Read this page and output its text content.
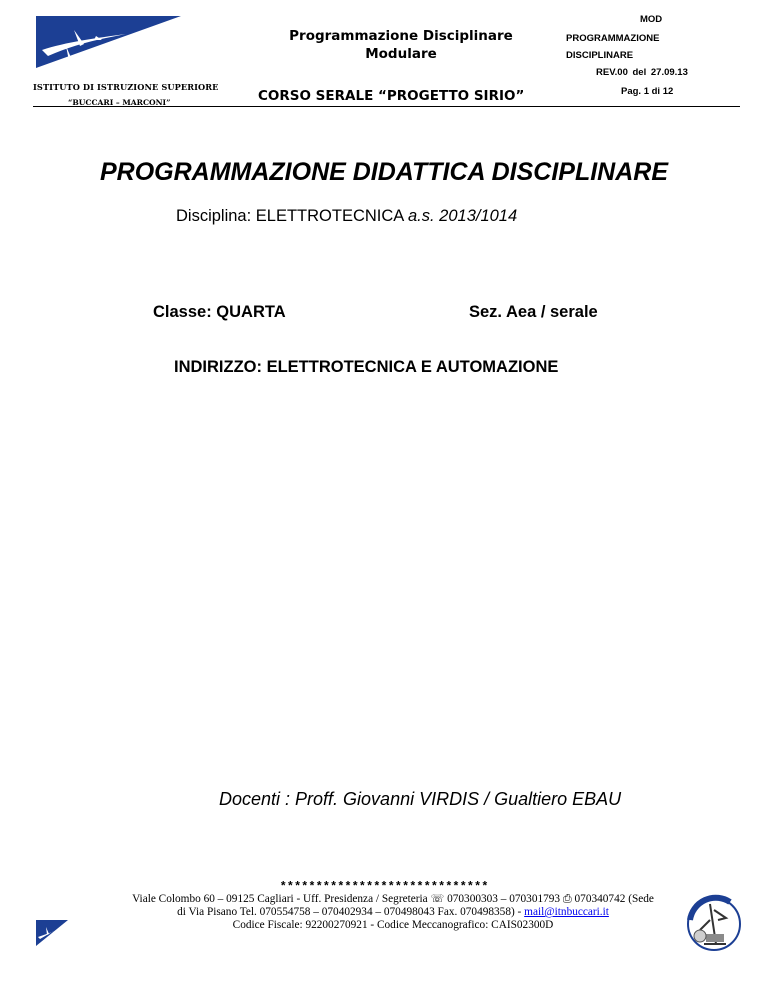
Programmazione Disciplinare
Modulare
MOD
PROGRAMMAZIONE
DISCIPLINARE
REV.00 del 27.09.13
ISTITUTO DI ISTRUZIONE SUPERIORE
“BUCCARI – MARCONI”	CORSO SERALE “PROGETTO SIRIO”	Pag. 1 di 12
PROGRAMMAZIONE DIDATTICA DISCIPLINARE
Disciplina: ELETTROTECNICA a.s. 2013/1014
Classe: QUARTA	Sez. Aea / serale
INDIRIZZO: ELETTROTECNICA E AUTOMAZIONE
Docenti : Proff. Giovanni VIRDIS / Gualtiero EBAU
*****************************
Viale Colombo 60 – 09125 Cagliari - Uff. Presidenza / Segreteria ☏ 070300303 – 070301793 ⎙ 070340742 (Sede
di Via Pisano Tel. 070554758 – 070402934 – 070498043 Fax. 070498358) - mail@itnbuccari.it
Codice Fiscale: 92200270921 - Codice Meccanografico: CAIS02300D
